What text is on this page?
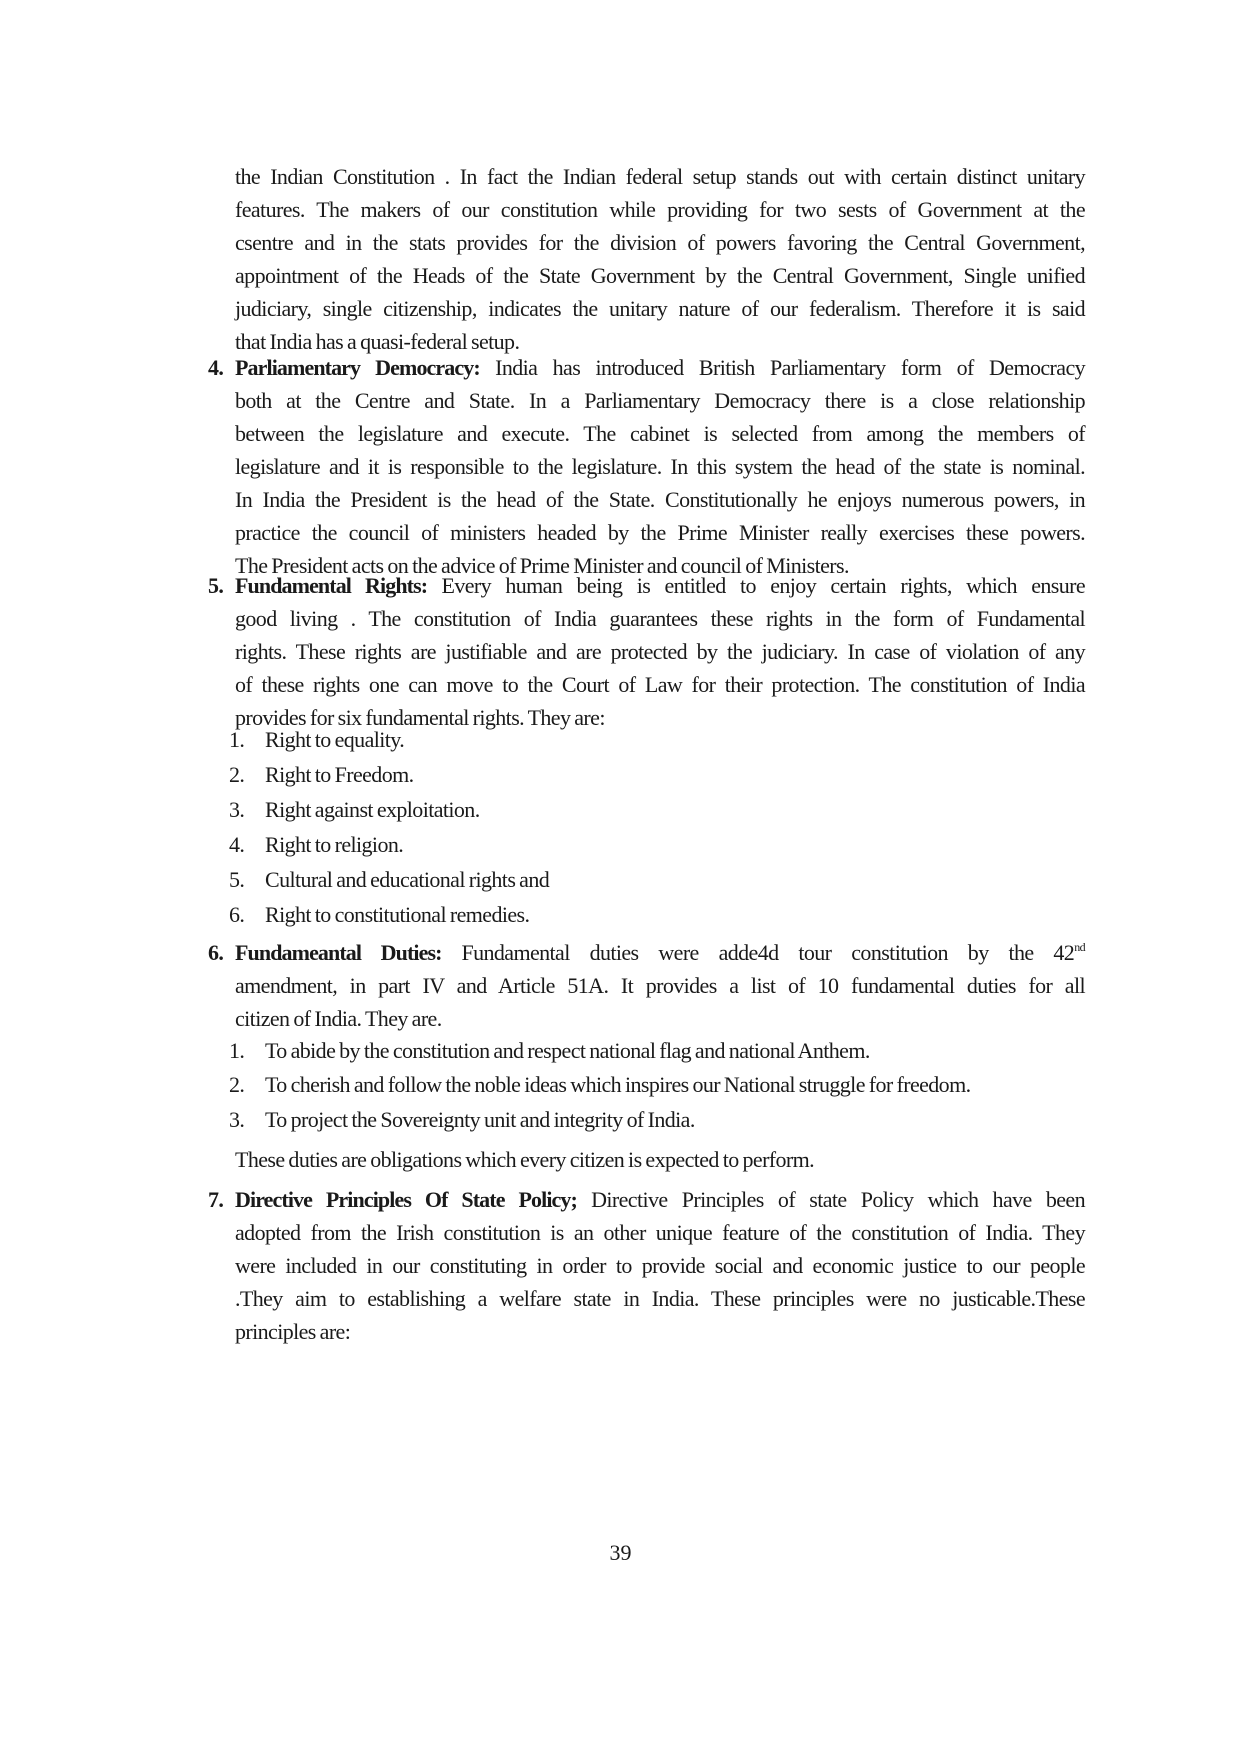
the Indian Constitution . In fact the Indian federal setup stands out with certain distinct unitary
features. The makers of our constitution while providing for two sests of Government at the
csentre and in the stats provides for the division of powers favoring the Central Government,
appointment of the Heads of the State Government by the Central Government, Single unified
judiciary, single citizenship, indicates the unitary nature of our federalism. Therefore it is said
that India has a quasi-federal setup.
4. Parliamentary Democracy: India has introduced British Parliamentary form of Democracy
both at the Centre and State. In a Parliamentary Democracy there is a close relationship
between the legislature and execute. The cabinet is selected from among the members of
legislature and it is responsible to the legislature. In this system the head of the state is nominal.
In India the President is the head of the State. Constitutionally he enjoys numerous powers, in
practice the council of ministers headed by the Prime Minister really exercises these powers.
The President acts on the advice of Prime Minister and council of Ministers.
5. Fundamental Rights: Every human being is entitled to enjoy certain rights, which ensure
good living . The constitution of India guarantees these rights in the form of Fundamental
rights. These rights are justifiable and are protected by the judiciary. In case of violation of any
of these rights one can move to the Court of Law for their protection. The constitution of India
provides for six fundamental rights. They are:
1. Right to equality.
2. Right to Freedom.
3. Right against exploitation.
4. Right to religion.
5. Cultural and educational rights and
6. Right to constitutional remedies.
6. Fundameantal Duties: Fundamental duties were adde4d tour constitution by the 42nd
amendment, in part IV and Article 51A. It provides a list of 10 fundamental duties for all
citizen of India. They are.
1. To abide by the constitution and respect national flag and national Anthem.
2. To cherish and follow the noble ideas which inspires our National struggle for freedom.
3. To project the Sovereignty unit and integrity of India.
These duties are obligations which every citizen is expected to perform.
7. Directive Principles Of State Policy; Directive Principles of state Policy which have been
adopted from the Irish constitution is an other unique feature of the constitution of India. They
were included in our constituting in order to provide social and economic justice to our people
.They aim to establishing a welfare state in India. These principles were no justicable.These
principles are:
39
